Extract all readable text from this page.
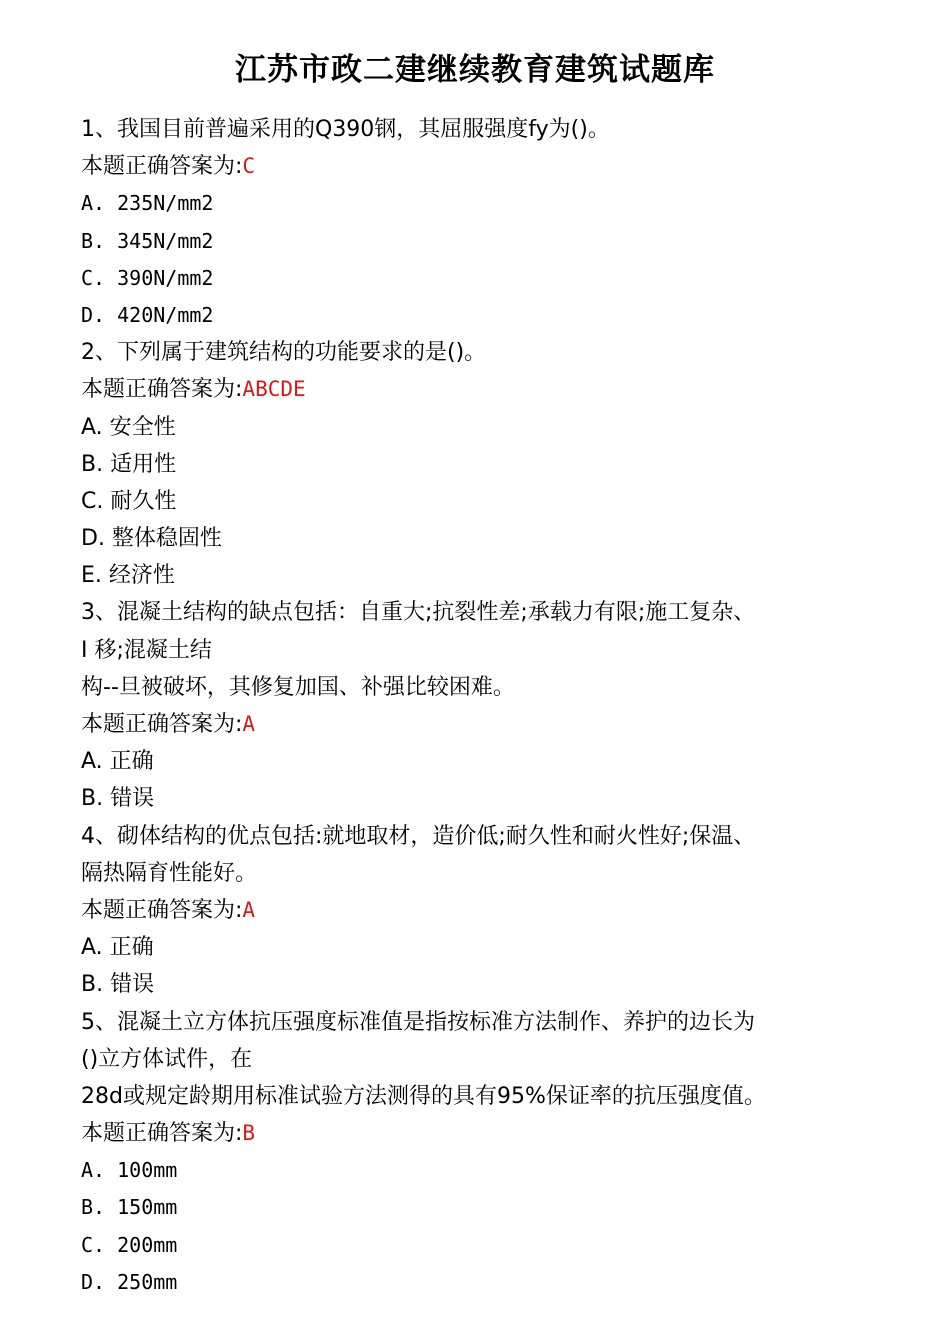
江苏市政二建继续教育建筑试题库
1、我国目前普遍采用的Q390钢，其屈服强度fy为()。
本题正确答案为:C
A. 235N/mm2
B. 345N/mm2
C. 390N/mm2
D. 420N/mm2
2、下列属于建筑结构的功能要求的是()。
本题正确答案为:ABCDE
A. 安全性
B. 适用性
C. 耐久性
D. 整体稳固性
E. 经济性
3、混凝土结构的缺点包括：自重大;抗裂性差;承载力有限;施工复杂、
I 移;混凝土结
构--旦被破坏，其修复加国、补强比较困难。
本题正确答案为:A
A. 正确
B. 错误
4、砌体结构的优点包括:就地取材，造价低;耐久性和耐火性好;保温、
隔热隔育性能好。
本题正确答案为:A
A. 正确
B. 错误
5、混凝土立方体抗压强度标准值是指按标准方法制作、养护的边长为
()立方体试件，在
28d或规定龄期用标准试验方法测得的具有95%保证率的抗压强度值。
本题正确答案为:B
A. 100mm
B. 150mm
C. 200mm
D. 250mm
